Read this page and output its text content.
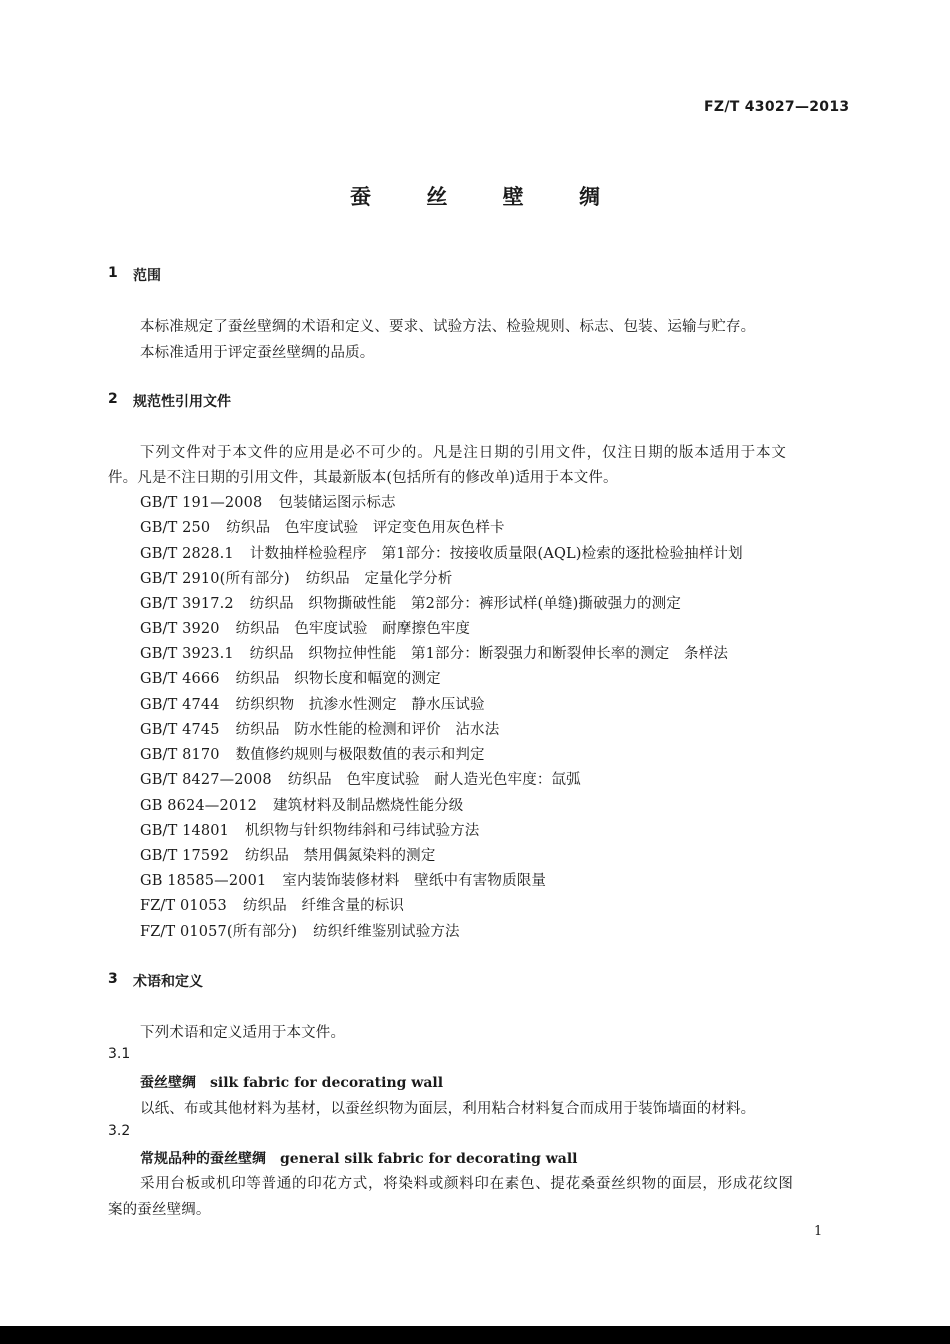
FZ/T 43027—2013
蚕 丝 壁 绸
1 范围
本标准规定了蚕丝壁绸的术语和定义、要求、试验方法、检验规则、标志、包装、运输与贮存。
本标准适用于评定蚕丝壁绸的品质。
2 规范性引用文件
下列文件对于本文件的应用是必不可少的。凡是注日期的引用文件，仅注日期的版本适用于本文
件。凡是不注日期的引用文件，其最新版本(包括所有的修改单)适用于本文件。
GB/T 191—2008 包装储运图示标志
GB/T 250 纺织品　色牢度试验　评定变色用灰色样卡
GB/T 2828.1 计数抽样检验程序　第1部分：按接收质量限(AQL)检索的逐批检验抽样计划
GB/T 2910(所有部分) 纺织品　定量化学分析
GB/T 3917.2 纺织品　织物撕破性能　第2部分：裤形试样(单缝)撕破强力的测定
GB/T 3920 纺织品　色牢度试验　耐摩擦色牢度
GB/T 3923.1 纺织品　织物拉伸性能　第1部分：断裂强力和断裂伸长率的测定　条样法
GB/T 4666 纺织品　织物长度和幅宽的测定
GB/T 4744 纺织织物　抗渗水性测定　静水压试验
GB/T 4745 纺织品　防水性能的检测和评价　沾水法
GB/T 8170 数值修约规则与极限数值的表示和判定
GB/T 8427—2008 纺织品　色牢度试验　耐人造光色牢度：氙弧
GB 8624—2012 建筑材料及制品燃烧性能分级
GB/T 14801 机织物与针织物纬斜和弓纬试验方法
GB/T 17592 纺织品　禁用偶氮染料的测定
GB 18585—2001 室内装饰装修材料　壁纸中有害物质限量
FZ/T 01053 纺织品　纤维含量的标识
FZ/T 01057(所有部分) 纺织纤维鉴别试验方法
3 术语和定义
下列术语和定义适用于本文件。
3.1
蚕丝壁绸 silk fabric for decorating wall
以纸、布或其他材料为基材，以蚕丝织物为面层，利用粘合材料复合而成用于装饰墙面的材料。
3.2
常规品种的蚕丝壁绸 general silk fabric for decorating wall
采用台板或机印等普通的印花方式，将染料或颜料印在素色、提花桑蚕丝织物的面层，形成花纹图
案的蚕丝壁绸。
1
